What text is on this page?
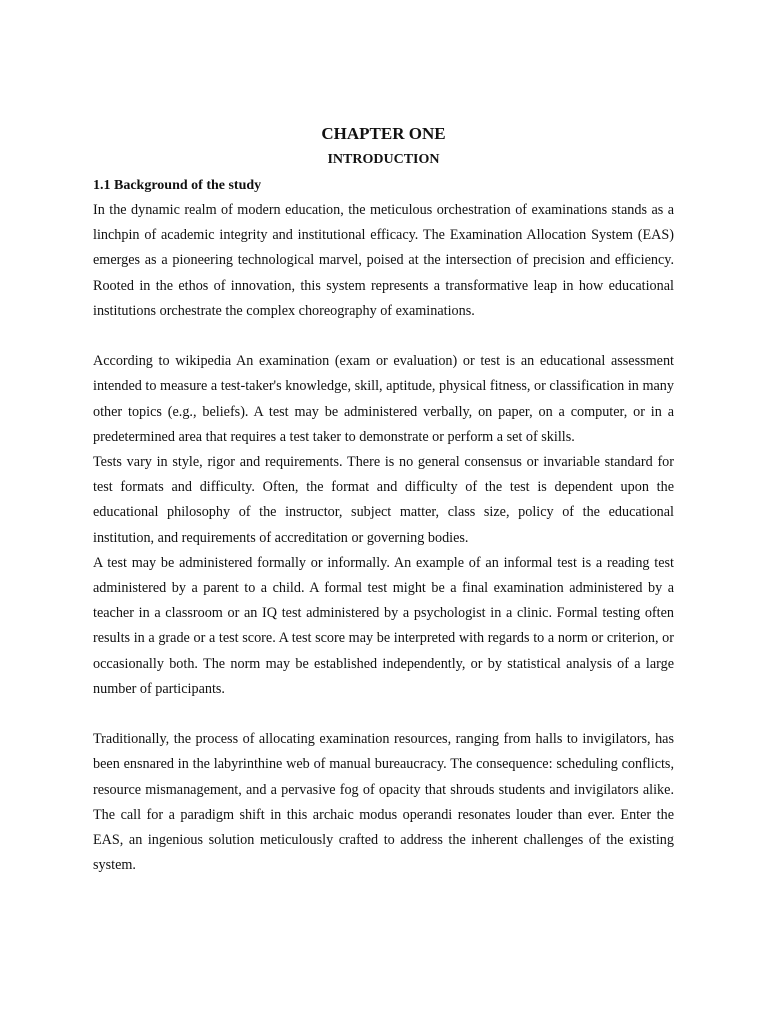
CHAPTER ONE

INTRODUCTION

1.1 Background of the study

In the dynamic realm of modern education, the meticulous orchestration of examinations stands as a linchpin of academic integrity and institutional efficacy. The Examination Allocation System (EAS) emerges as a pioneering technological marvel, poised at the intersection of precision and efficiency. Rooted in the ethos of innovation, this system represents a transformative leap in how educational institutions orchestrate the complex choreography of examinations.

According to wikipedia An examination (exam or evaluation) or test is an educational assessment intended to measure a test-taker's knowledge, skill, aptitude, physical fitness, or classification in many other topics (e.g., beliefs). A test may be administered verbally, on paper, on a computer, or in a predetermined area that requires a test taker to demonstrate or perform a set of skills.

Tests vary in style, rigor and requirements. There is no general consensus or invariable standard for test formats and difficulty. Often, the format and difficulty of the test is dependent upon the educational philosophy of the instructor, subject matter, class size, policy of the educational institution, and requirements of accreditation or governing bodies.

A test may be administered formally or informally. An example of an informal test is a reading test administered by a parent to a child. A formal test might be a final examination administered by a teacher in a classroom or an IQ test administered by a psychologist in a clinic. Formal testing often results in a grade or a test score. A test score may be interpreted with regards to a norm or criterion, or occasionally both. The norm may be established independently, or by statistical analysis of a large number of participants.

Traditionally, the process of allocating examination resources, ranging from halls to invigilators, has been ensnared in the labyrinthine web of manual bureaucracy. The consequence: scheduling conflicts, resource mismanagement, and a pervasive fog of opacity that shrouds students and invigilators alike. The call for a paradigm shift in this archaic modus operandi resonates louder than ever. Enter the EAS, an ingenious solution meticulously crafted to address the inherent challenges of the existing system.
